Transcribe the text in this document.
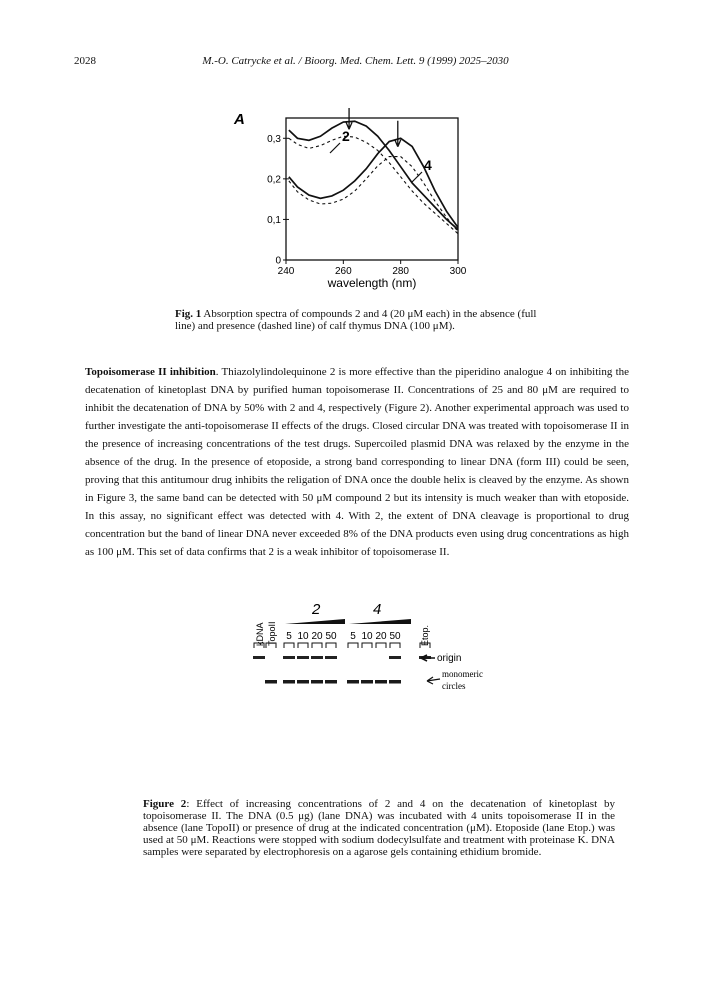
2028	M.-O. Catrycke et al. / Bioorg. Med. Chem. Lett. 9 (1999) 2025–2030
240	260	280	300
0
0,1
0,2
0,3
A
wavelength (nm)
2
4
Fig. 1 Absorption spectra of compounds 2 and 4 (20 μM each) in the absence (full line) and presence (dashed line) of calf thymus DNA (100 μM).

Topoisomerase II inhibition. Thiazolylindolequinone 2 is more effective than the piperidino analogue 4 on inhibiting the decatenation of kinetoplast DNA by purified human topoisomerase II. Concentrations of 25 and 80 μM are required to inhibit the decatenation of DNA by 50% with 2 and 4, respectively (Figure 2). Another experimental approach was used to further investigate the anti-topoisomerase II effects of the drugs. Closed circular DNA was treated with topoisomerase II in the presence of increasing concentrations of the test drugs. Supercoiled plasmid DNA was relaxed by the enzyme in the absence of the drug. In the presence of etoposide, a strong band corresponding to linear DNA (form III) could be seen, proving that this antitumour drug inhibits the religation of DNA once the double helix is cleaved by the enzyme. As shown in Figure 3, the same band can be detected with 50 μM compound 2 but its intensity is much weaker than with etoposide. In this assay, no significant effect was detected with 4. With 2, the extent of DNA cleavage is proportional to drug concentration but the band of linear DNA never exceeded 8% of the DNA products even using drug concentrations as high as 100 μM. This set of data confirms that 2 is a weak inhibitor of topoisomerase II.

kDNA TopoII	Etop.
2	4
5 10 20 50 5 10 20 50
origin
monomeric
circles
Figure 2: Effect of increasing concentrations of 2 and 4 on the decatenation of kinetoplast by topoisomerase II. The DNA (0.5 μg) (lane DNA) was incubated with 4 units topoisomerase II in the absence (lane TopoII) or presence of drug at the indicated concentration (μM). Etoposide (lane Etop.) was used at 50 μM. Reactions were stopped with sodium dodecylsulfate and treatment with proteinase K. DNA samples were separated by electrophoresis on a agarose gels containing ethidium bromide.
